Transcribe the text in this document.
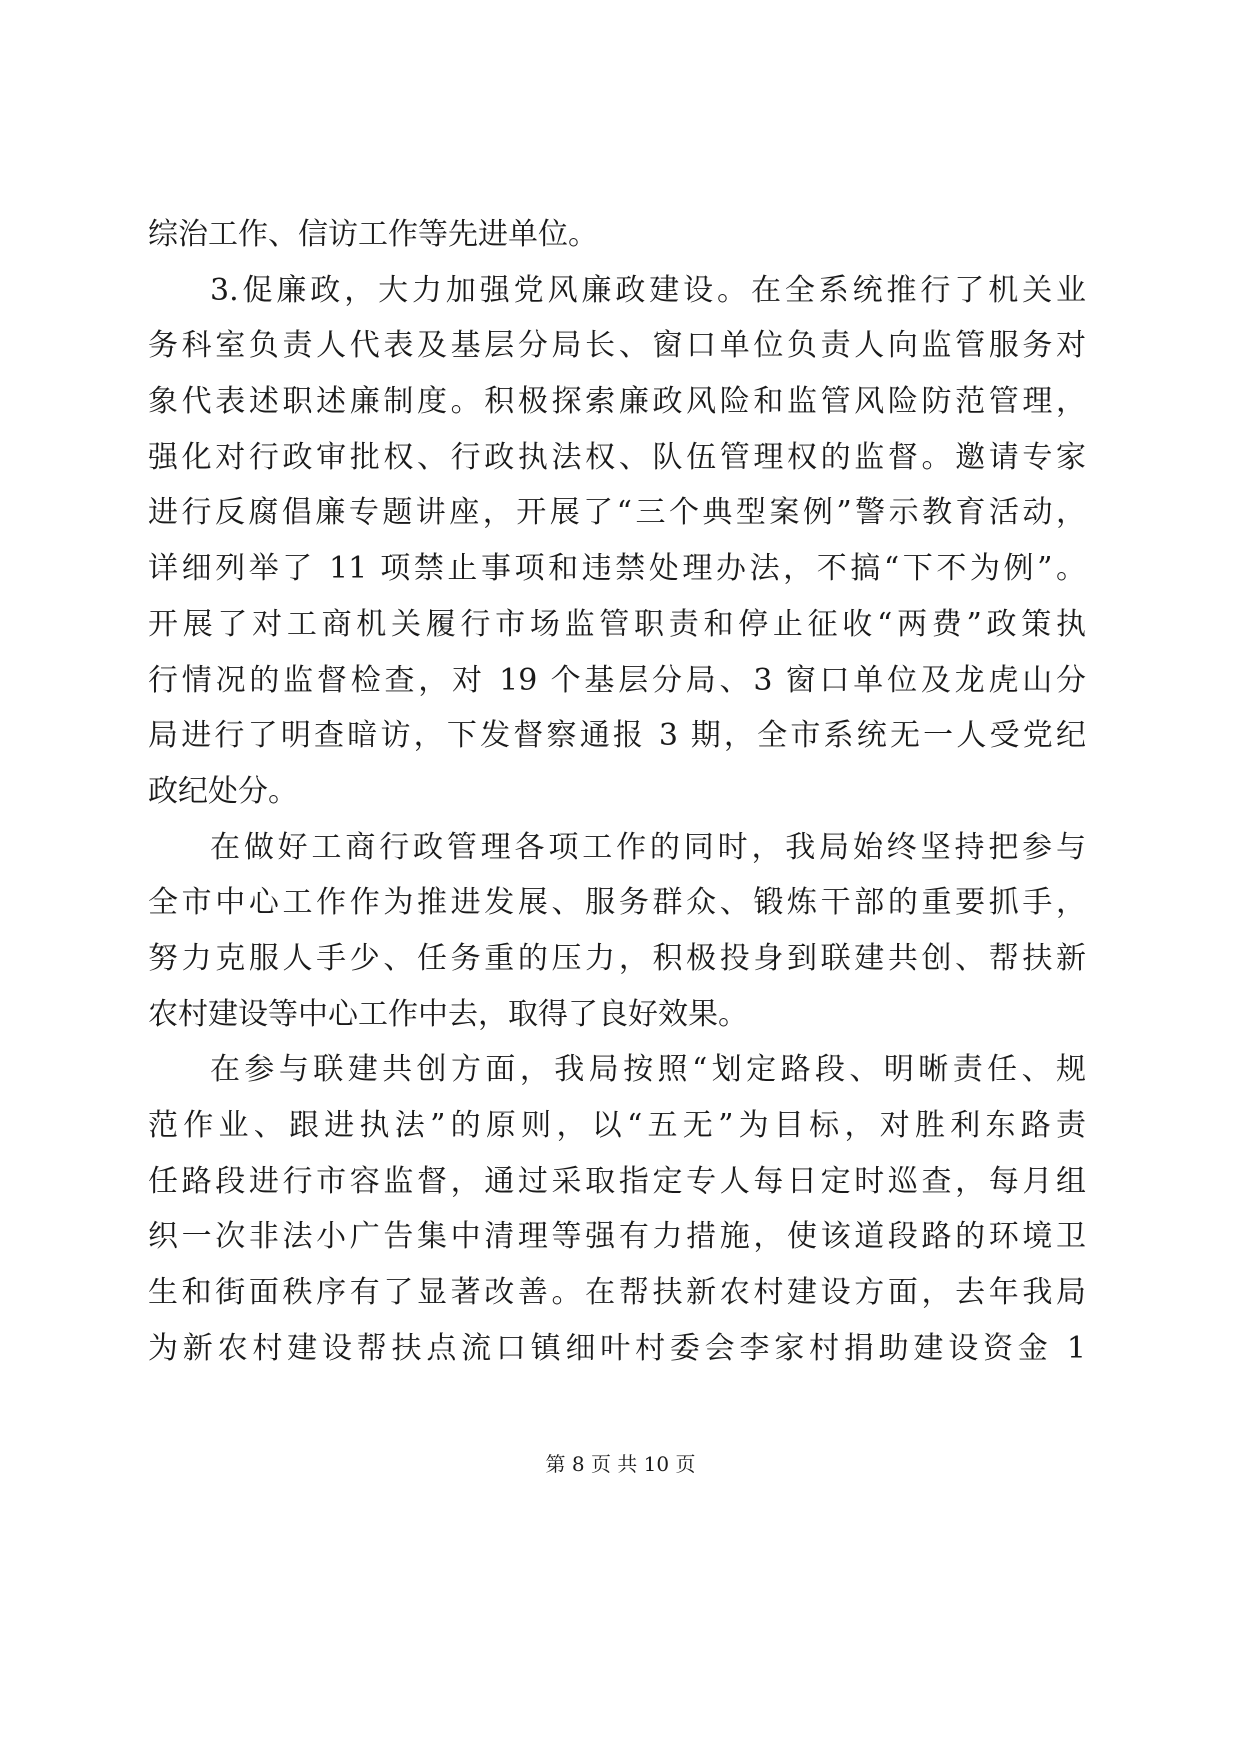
综治工作、信访工作等先进单位。
3.促廉政，大力加强党风廉政建设。在全系统推行了机关业
务科室负责人代表及基层分局长、窗口单位负责人向监管服务对
象代表述职述廉制度。积极探索廉政风险和监管风险防范管理，
强化对行政审批权、行政执法权、队伍管理权的监督。邀请专家
进行反腐倡廉专题讲座，开展了“三个典型案例”警示教育活动，
详细列举了 11 项禁止事项和违禁处理办法，不搞“下不为例”。
开展了对工商机关履行市场监管职责和停止征收“两费”政策执
行情况的监督检查，对 19 个基层分局、3 窗口单位及龙虎山分
局进行了明查暗访，下发督察通报 3 期，全市系统无一人受党纪
政纪处分。
在做好工商行政管理各项工作的同时，我局始终坚持把参与
全市中心工作作为推进发展、服务群众、锻炼干部的重要抓手，
努力克服人手少、任务重的压力，积极投身到联建共创、帮扶新
农村建设等中心工作中去，取得了良好效果。
在参与联建共创方面，我局按照“划定路段、明晰责任、规
范作业、跟进执法”的原则，以“五无”为目标，对胜利东路责
任路段进行市容监督，通过采取指定专人每日定时巡查，每月组
织一次非法小广告集中清理等强有力措施，使该道段路的环境卫
生和街面秩序有了显著改善。在帮扶新农村建设方面，去年我局
为新农村建设帮扶点流口镇细叶村委会李家村捐助建设资金 1
第 8 页 共 10 页
